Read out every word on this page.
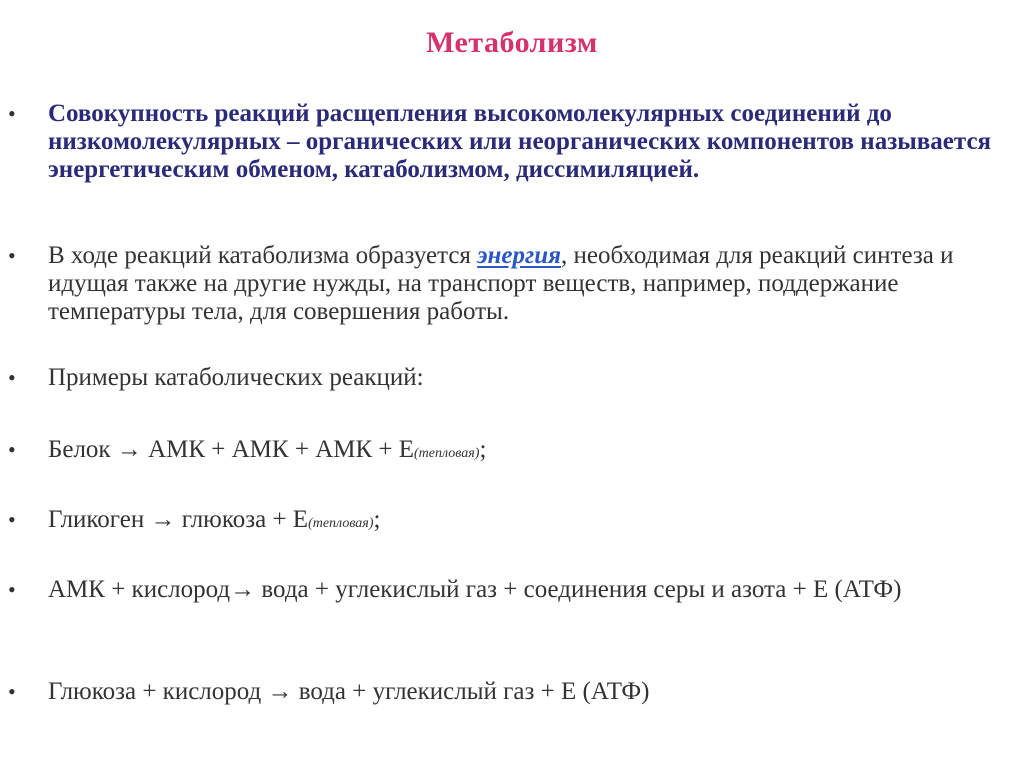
Метаболизм
• Совокупность реакций расщепления высокомолекулярных соединений до низкомолекулярных – органических или неорганических компонентов называется энергетическим обменом, катаболизмом, диссимиляцией.
• В ходе реакций катаболизма образуется энергия, необходимая для реакций синтеза и идущая также на другие нужды, на транспорт веществ, например, поддержание температуры тела, для совершения работы.
• Примеры катаболических реакций:
• Белок → АМК + АМК + АМК + Е(тепловая);
• Гликоген → глюкоза + Е(тепловая);
• АМК + кислород→ вода + углекислый газ + соединения серы и азота + Е (АТФ)
• Глюкоза + кислород → вода + углекислый газ + Е (АТФ)
